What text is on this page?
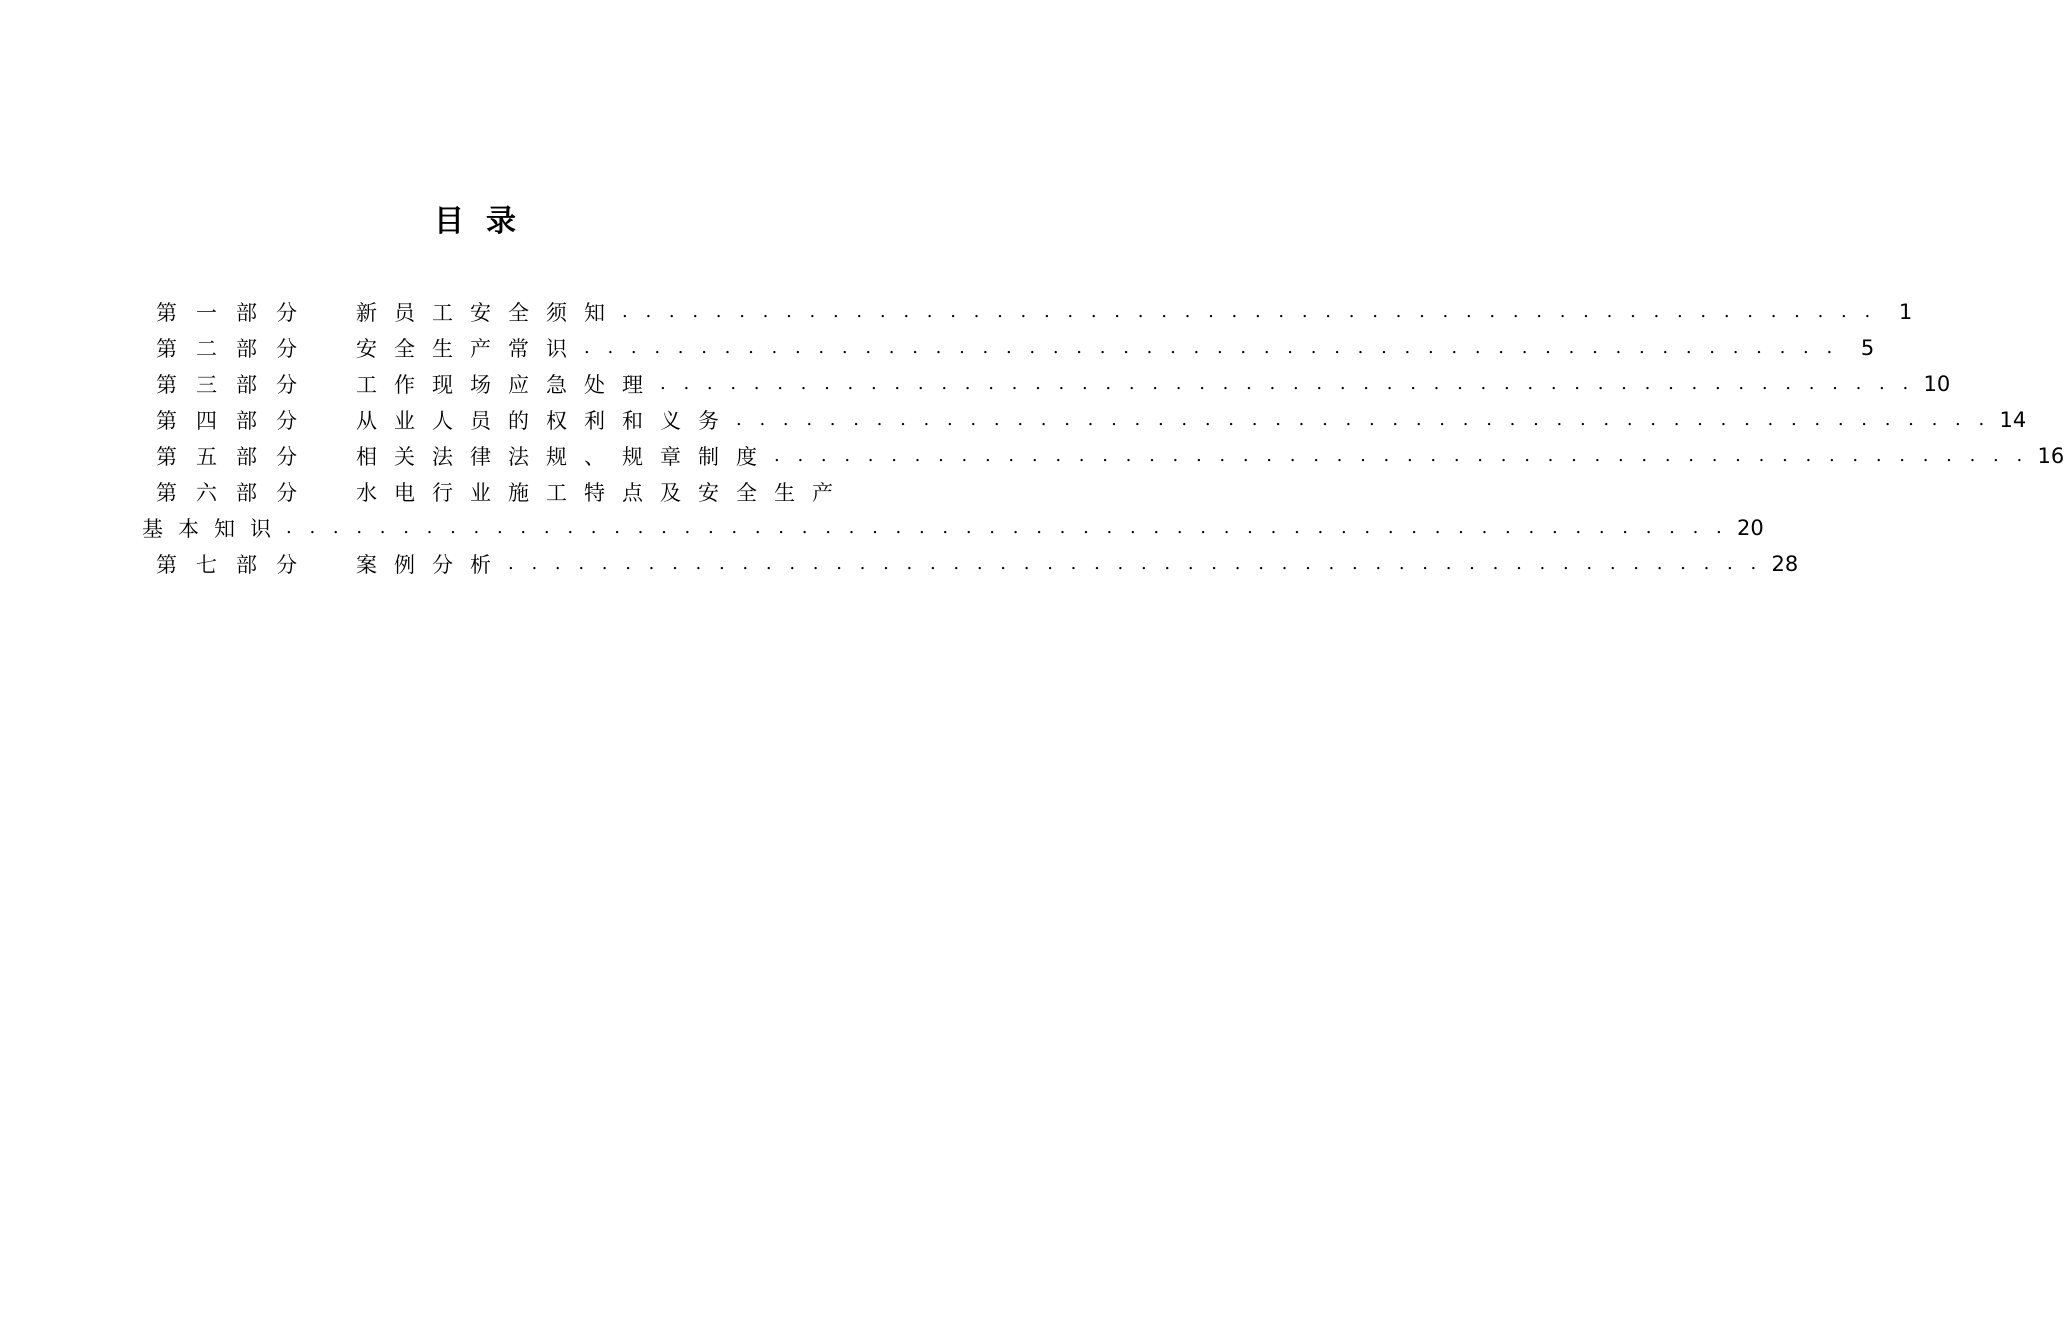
目录
第一部分	新员工安全须知 . . . . . . . . . . . . . . . . . . . . . . . . . . . . . . . . . . . . . . . . . . . . . . . . . . . . . .	1
第二部分	安全生产常识 . . . . . . . . . . . . . . . . . . . . . . . . . . . . . . . . . . . . . . . . . . . . . . . . . . . . . .	5
第三部分	工作现场应急处理 . . . . . . . . . . . . . . . . . . . . . . . . . . . . . . . . . . . . . . . . . . . . . . . . . . . . . . 10
第四部分	从业人员的权利和义务 . . . . . . . . . . . . . . . . . . . . . . . . . . . . . . . . . . . . . . . . . . . . . . . . . . . . . . 14
第五部分	相关法律法规、规章制度 . . . . . . . . . . . . . . . . . . . . . . . . . . . . . . . . . . . . . . . . . . . . . . . . . . . . . . 16
第六部分	水电行业施工特点及安全生产
基本知识 . . . . . . . . . . . . . . . . . . . . . . . . . . . . . . . . . . . . . . . . . . . . . . . . . . . . . . . . . . . . . . 20
第七部分	案例分析 . . . . . . . . . . . . . . . . . . . . . . . . . . . . . . . . . . . . . . . . . . . . . . . . . . . . . . 28
